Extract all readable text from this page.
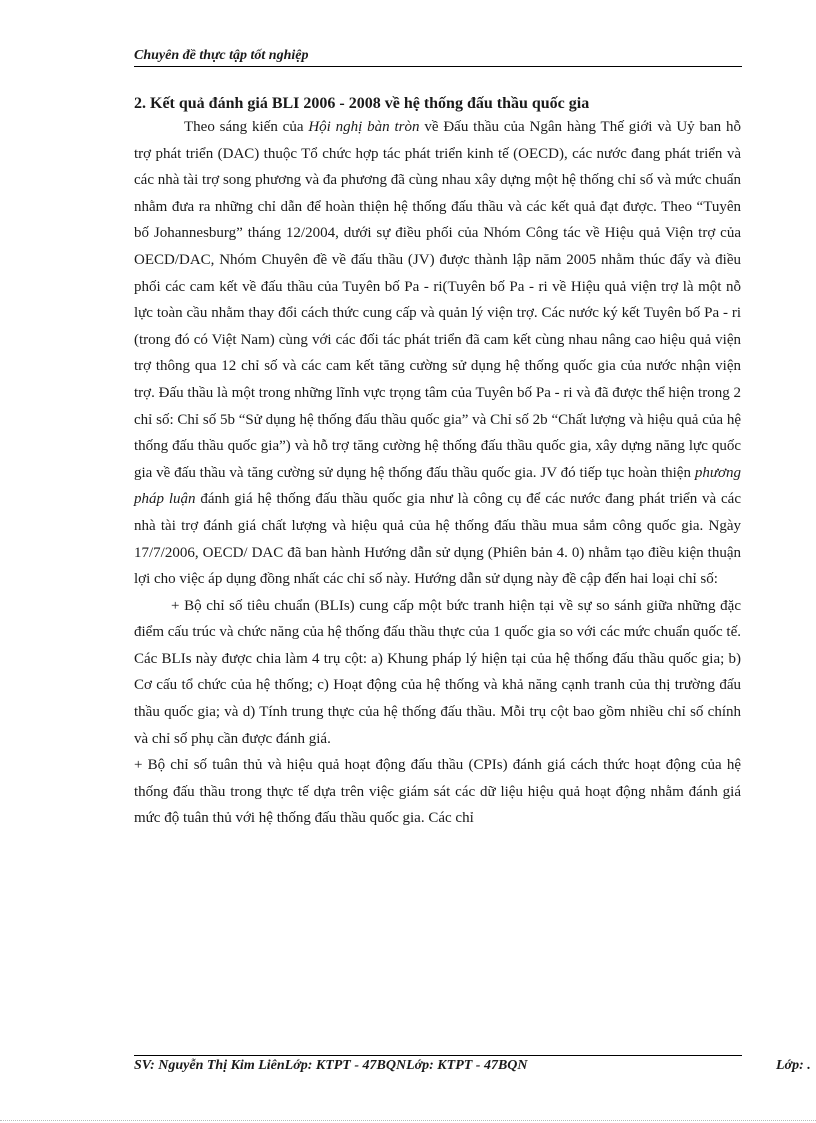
Chuyên đề thực tập tốt nghiệp
2. Kết quả đánh giá BLI 2006 - 2008 về hệ thống đấu thầu quốc gia

Theo sáng kiến của Hội nghị bàn tròn về Đấu thầu của Ngân hàng Thế giới và Uỷ ban hỗ trợ phát triển (DAC) thuộc Tổ chức hợp tác phát triển kinh tế (OECD), các nước đang phát triển và các nhà tài trợ song phương và đa phương đã cùng nhau xây dựng một hệ thống chỉ số và mức chuẩn nhằm đưa ra những chỉ dẫn để hoàn thiện hệ thống đấu thầu và các kết quả đạt được. Theo “Tuyên bố Johannesburg” tháng 12/2004, dưới sự điều phối của Nhóm Công tác về Hiệu quả Viện trợ của OECD/DAC, Nhóm Chuyên đề về đấu thầu (JV) được thành lập năm 2005 nhằm thúc đẩy và điều phối các cam kết về đấu thầu của Tuyên bố Pa - ri(Tuyên bố Pa - ri về Hiệu quả viện trợ là một nỗ lực toàn cầu nhằm thay đổi cách thức cung cấp và quản lý viện trợ. Các nước ký kết Tuyên bố Pa - ri (trong đó có Việt Nam) cùng với các đối tác phát triển đã cam kết cùng nhau nâng cao hiệu quả viện trợ thông qua 12 chỉ số và các cam kết tăng cường sử dụng hệ thống quốc gia của nước nhận viện trợ. Đấu thầu là một trong những lĩnh vực trọng tâm của Tuyên bố Pa - ri và đã được thể hiện trong 2 chỉ số: Chỉ số 5b “Sử dụng hệ thống đấu thầu quốc gia” và Chỉ số 2b “Chất lượng và hiệu quả của hệ thống đấu thầu quốc gia”) và hỗ trợ tăng cường hệ thống đấu thầu quốc gia, xây dựng năng lực quốc gia về đấu thầu và tăng cường sử dụng hệ thống đấu thầu quốc gia. JV đó tiếp tục hoàn thiện phương pháp luận đánh giá hệ thống đấu thầu quốc gia như là công cụ để các nước đang phát triển và các nhà tài trợ đánh giá chất lượng và hiệu quả của hệ thống đấu thầu mua sắm công quốc gia. Ngày 17/7/2006, OECD/ DAC đã ban hành Hướng dẫn sử dụng (Phiên bản 4. 0) nhằm tạo điều kiện thuận lợi cho việc áp dụng đồng nhất các chỉ số này. Hướng dẫn sử dụng này đề cập đến hai loại chỉ số:

+ Bộ chỉ số tiêu chuẩn (BLIs) cung cấp một bức tranh hiện tại về sự so sánh giữa những đặc điểm cấu trúc và chức năng của hệ thống đấu thầu thực của 1 quốc gia so với các mức chuẩn quốc tế. Các BLIs này được chia làm 4 trụ cột: a) Khung pháp lý hiện tại của hệ thống đấu thầu quốc gia; b) Cơ cấu tổ chức của hệ thống; c) Hoạt động của hệ thống và khả năng cạnh tranh của thị trường đấu thầu quốc gia; và d) Tính trung thực của hệ thống đấu thầu. Mỗi trụ cột bao gồm nhiều chỉ số chính và chỉ số phụ cần được đánh giá.

+ Bộ chỉ số tuân thủ và hiệu quả hoạt động đấu thầu (CPIs) đánh giá cách thức hoạt động của hệ thống đấu thầu trong thực tế dựa trên việc giám sát các dữ liệu hiệu quả hoạt động nhằm đánh giá mức độ tuân thủ với hệ thống đấu thầu quốc gia. Các chỉ

SV: Nguyễn Thị Kim LiênLớp: KTPT - 47BQNLớp: KTPT - 47BQN	Lớp: .
